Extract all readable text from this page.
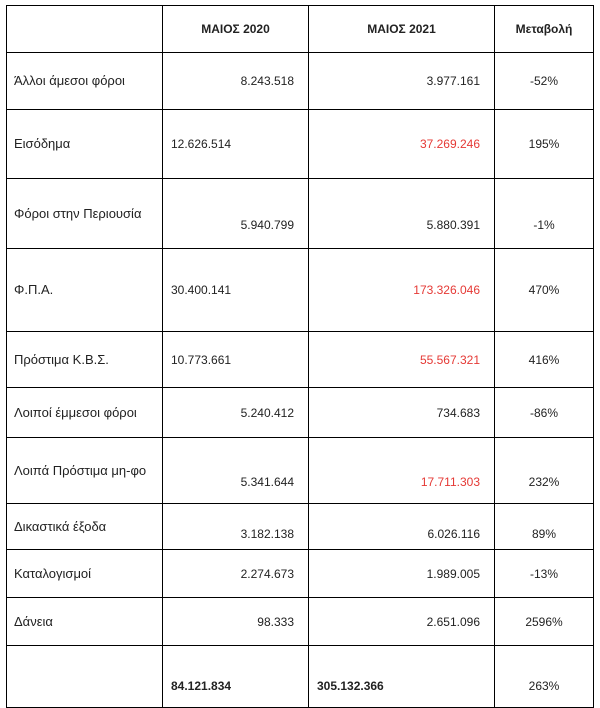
	ΜΑΙΟΣ 2020	ΜΑΙΟΣ 2021	Μεταβολή
Άλλοι άμεσοι φόροι	8.243.518	3.977.161	-52%
Εισόδημα	12.626.514	37.269.246	195%
Φόροι στην Περιουσία	5.940.799	5.880.391	-1%
Φ.Π.Α.	30.400.141	173.326.046	470%
Πρόστιμα Κ.Β.Σ.	10.773.661	55.567.321	416%
Λοιποί έμμεσοι φόροι	5.240.412	734.683	-86%
Λοιπά Πρόστιμα μη-φο	5.341.644	17.711.303	232%
Δικαστικά έξοδα	3.182.138	6.026.116	89%
Καταλογισμοί	2.274.673	1.989.005	-13%
Δάνεια	98.333	2.651.096	2596%
	84.121.834	305.132.366	263%
